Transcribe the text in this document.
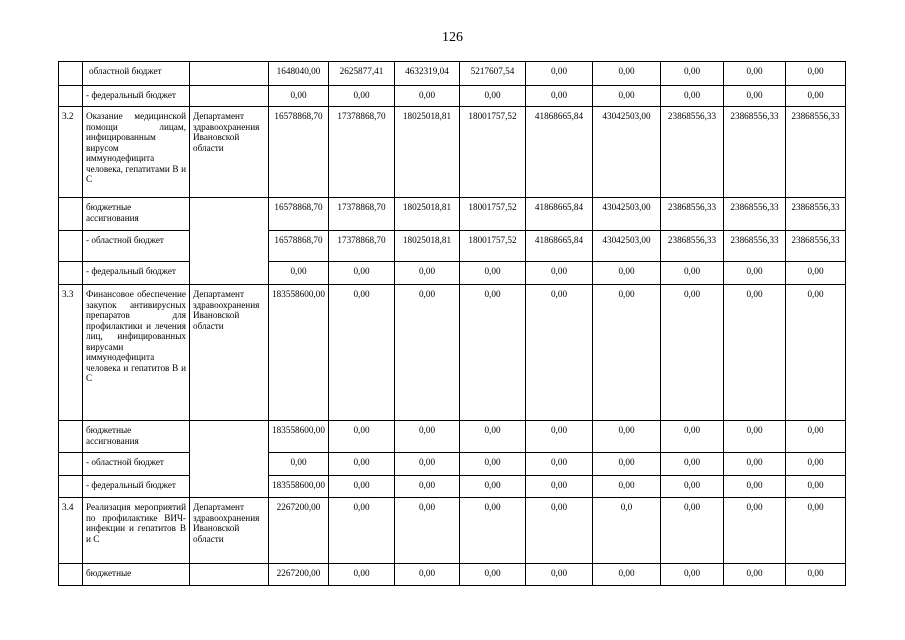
126
	областной бюджет		1648040,00	2625877,41	4632319,04	5217607,54	0,00	0,00	0,00	0,00	0,00
	- федеральный бюджет		0,00	0,00	0,00	0,00	0,00	0,00	0,00	0,00	0,00
3.2	Оказание медицинской помощи лицам, инфицированным вирусом иммунодефицита человека, гепатитами В и С	Департамент здравоохранения Ивановской области	16578868,70	17378868,70	18025018,81	18001757,52	41868665,84	43042503,00	23868556,33	23868556,33	23868556,33
	бюджетные ассигнования		16578868,70	17378868,70	18025018,81	18001757,52	41868665,84	43042503,00	23868556,33	23868556,33	23868556,33
	- областной бюджет		16578868,70	17378868,70	18025018,81	18001757,52	41868665,84	43042503,00	23868556,33	23868556,33	23868556,33
	- федеральный бюджет		0,00	0,00	0,00	0,00	0,00	0,00	0,00	0,00	0,00
3.3	Финансовое обеспечение закупок антивирусных препаратов для профилактики и лечения лиц, инфицированных вирусами иммунодефицита человека и гепатитов В и С	Департамент здравоохранения Ивановской области	183558600,00	0,00	0,00	0,00	0,00	0,00	0,00	0,00	0,00
	бюджетные ассигнования		183558600,00	0,00	0,00	0,00	0,00	0,00	0,00	0,00	0,00
	- областной бюджет		0,00	0,00	0,00	0,00	0,00	0,00	0,00	0,00	0,00
	- федеральный бюджет		183558600,00	0,00	0,00	0,00	0,00	0,00	0,00	0,00	0,00
3.4	Реализация мероприятий по профилактике ВИЧ-инфекции и гепатитов В и С	Департамент здравоохранения Ивановской области	2267200,00	0,00	0,00	0,00	0,00	0,0	0,00	0,00	0,00
	бюджетные		2267200,00	0,00	0,00	0,00	0,00	0,00	0,00	0,00	0,00
